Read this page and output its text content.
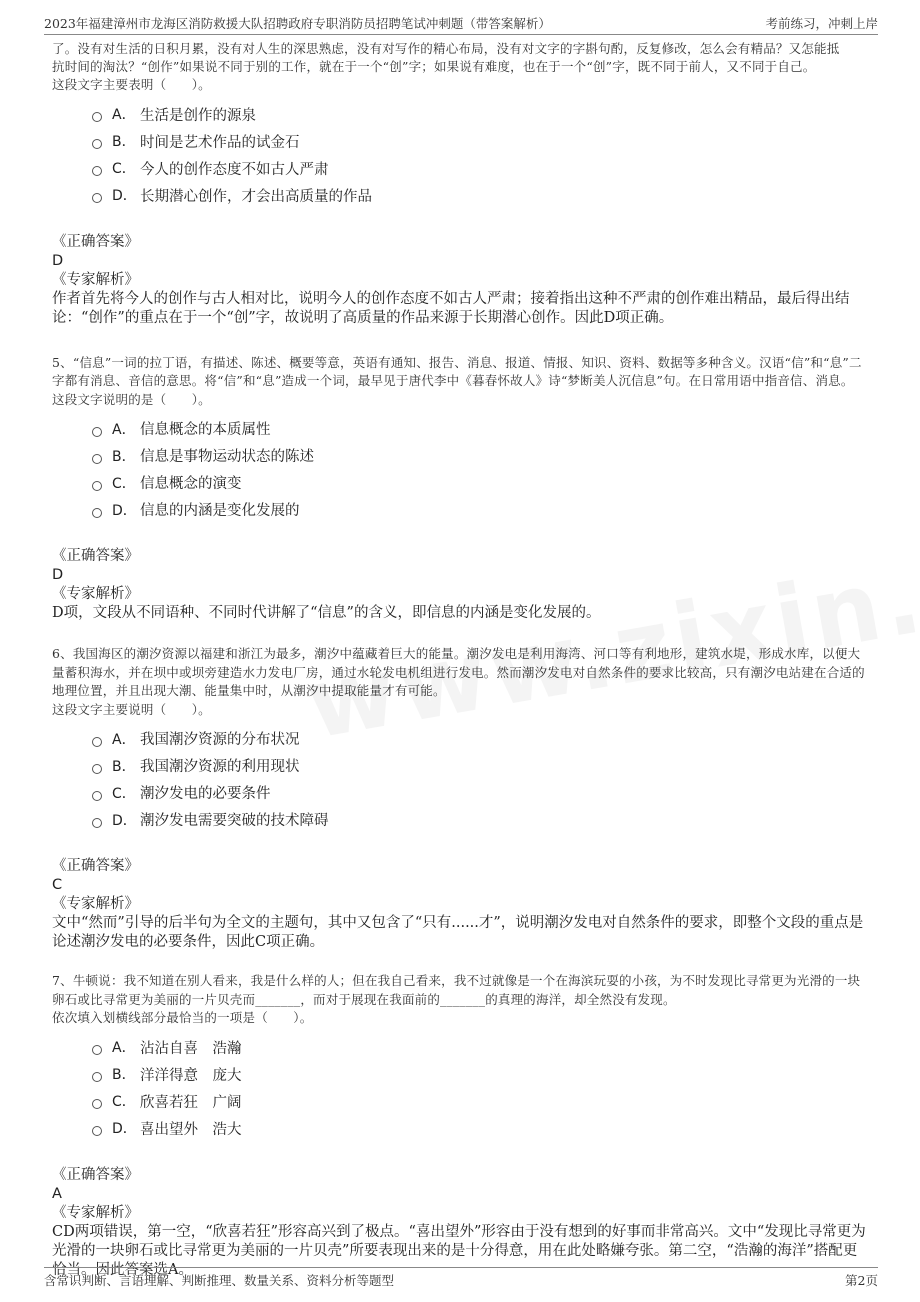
2023年福建漳州市龙海区消防救援大队招聘政府专职消防员招聘笔试冲刺题（带答案解析）	考前练习，冲刺上岸

了。没有对生活的日积月累，没有对人生的深思熟虑，没有对写作的精心布局，没有对文字的字斟句酌，反复修改，怎么会有精品？又怎能抵

抗时间的淘汰？“创作”如果说不同于别的工作，就在于一个“创”字；如果说有难度，也在于一个“创”字，既不同于前人，又不同于自己。

这段文字主要表明（　　）。

A． 生活是创作的源泉
B． 时间是艺术作品的试金石
C． 今人的创作态度不如古人严肃
D． 长期潜心创作，才会出高质量的作品
《正确答案》
D
《专家解析》

作者首先将今人的创作与古人相对比，说明今人的创作态度不如古人严肃；接着指出这种不严肃的创作难出精品，最后得出结论：“创作”的重点在于一个“创”字，故说明了高质量的作品来源于长期潜心创作。因此D项正确。

5、“信息”一词的拉丁语，有描述、陈述、概要等意，英语有通知、报告、消息、报道、情报、知识、资料、数据等多种含义。汉语“信”和“息”二字都有消息、音信的意思。将“信”和“息”造成一个词，最早见于唐代李中《暮春怀故人》诗“梦断美人沉信息”句。在日常用语中指音信、消息。

这段文字说明的是（　　）。

A． 信息概念的本质属性
B． 信息是事物运动状态的陈述
C． 信息概念的演变
D． 信息的内涵是变化发展的
《正确答案》
D
《专家解析》

D项，文段从不同语种、不同时代讲解了“信息”的含义，即信息的内涵是变化发展的。

6、我国海区的潮汐资源以福建和浙江为最多，潮汐中蕴藏着巨大的能量。潮汐发电是利用海湾、河口等有利地形，建筑水堤，形成水库，以便大量蓄积海水，并在坝中或坝旁建造水力发电厂房，通过水轮发电机组进行发电。然而潮汐发电对自然条件的要求比较高，只有潮汐电站建在合适的地理位置，并且出现大潮、能量集中时，从潮汐中提取能量才有可能。

这段文字主要说明（　　）。

A． 我国潮汐资源的分布状况
B． 我国潮汐资源的利用现状
C． 潮汐发电的必要条件
D． 潮汐发电需要突破的技术障碍
《正确答案》
C
《专家解析》

文中“然而”引导的后半句为全文的主题句，其中又包含了“只有......才”，说明潮汐发电对自然条件的要求，即整个文段的重点是论述潮汐发电的必要条件，因此C项正确。

7、牛顿说：我不知道在别人看来，我是什么样的人；但在我自己看来，我不过就像是一个在海滨玩耍的小孩，为不时发现比寻常更为光滑的一块卵石或比寻常更为美丽的一片贝壳而_______，而对于展现在我面前的_______的真理的海洋，却全然没有发现。

依次填入划横线部分最恰当的一项是（　　）。

A． 沾沾自喜　浩瀚
B． 洋洋得意　庞大
C． 欣喜若狂　广阔
D． 喜出望外　浩大
《正确答案》
A
《专家解析》

CD两项错误，第一空，“欣喜若狂”形容高兴到了极点。“喜出望外”形容由于没有想到的好事而非常高兴。文中“发现比寻常更为光滑的一块卵石或比寻常更为美丽的一片贝壳”所要表现出来的是十分得意，用在此处略嫌夸张。第二空，“浩瀚的海洋”搭配更恰当。因此答案选A。

含常识判断、言语理解、判断推理、数量关系、资料分析等题型	第2页
